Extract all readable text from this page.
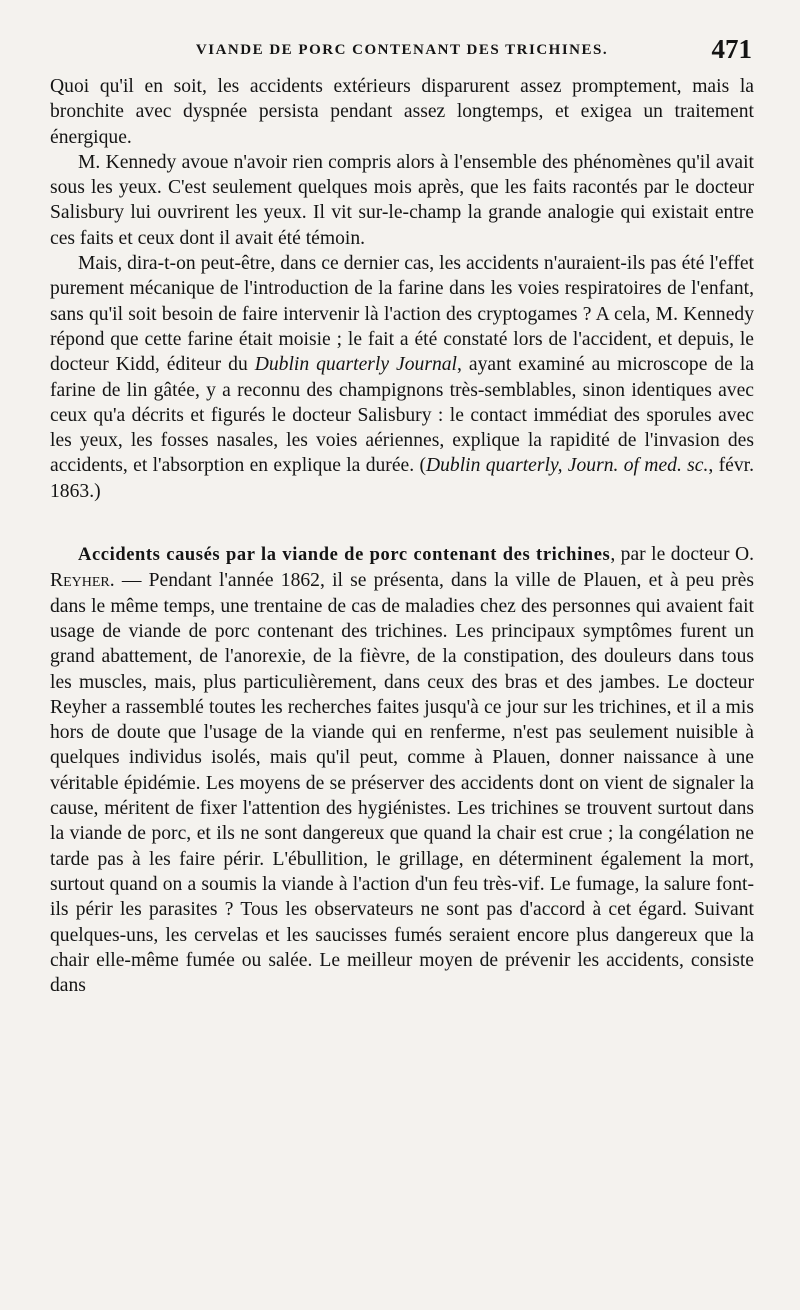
VIANDE DE PORC CONTENANT DES TRICHINES.	471

Quoi qu'il en soit, les accidents extérieurs disparurent assez promptement, mais la bronchite avec dyspnée persista pendant assez longtemps, et exigea un traitement énergique.

M. Kennedy avoue n'avoir rien compris alors à l'ensemble des phénomènes qu'il avait sous les yeux. C'est seulement quelques mois après, que les faits racontés par le docteur Salisbury lui ouvrirent les yeux. Il vit sur-le-champ la grande analogie qui existait entre ces faits et ceux dont il avait été témoin.

Mais, dira-t-on peut-être, dans ce dernier cas, les accidents n'auraient-ils pas été l'effet purement mécanique de l'introduction de la farine dans les voies respiratoires de l'enfant, sans qu'il soit besoin de faire intervenir là l'action des cryptogames ? A cela, M. Kennedy répond que cette farine était moisie ; le fait a été constaté lors de l'accident, et depuis, le docteur Kidd, éditeur du Dublin quarterly Journal, ayant examiné au microscope de la farine de lin gâtée, y a reconnu des champignons très-semblables, sinon identiques avec ceux qu'a décrits et figurés le docteur Salisbury : le contact immédiat des sporules avec les yeux, les fosses nasales, les voies aériennes, explique la rapidité de l'invasion des accidents, et l'absorption en explique la durée. (Dublin quarterly, Journ. of med. sc., févr. 1863.)

Accidents causés par la viande de porc contenant des trichines, par le docteur O. Reyher. — Pendant l'année 1862, il se présenta, dans la ville de Plauen, et à peu près dans le même temps, une trentaine de cas de maladies chez des personnes qui avaient fait usage de viande de porc contenant des trichines. Les principaux symptômes furent un grand abattement, de l'anorexie, de la fièvre, de la constipation, des douleurs dans tous les muscles, mais, plus particulièrement, dans ceux des bras et des jambes. Le docteur Reyher a rassemblé toutes les recherches faites jusqu'à ce jour sur les trichines, et il a mis hors de doute que l'usage de la viande qui en renferme, n'est pas seulement nuisible à quelques individus isolés, mais qu'il peut, comme à Plauen, donner naissance à une véritable épidémie. Les moyens de se préserver des accidents dont on vient de signaler la cause, méritent de fixer l'attention des hygiénistes. Les trichines se trouvent surtout dans la viande de porc, et ils ne sont dangereux que quand la chair est crue ; la congélation ne tarde pas à les faire périr. L'ébullition, le grillage, en déterminent également la mort, surtout quand on a soumis la viande à l'action d'un feu très-vif. Le fumage, la salure font-ils périr les parasites ? Tous les observateurs ne sont pas d'accord à cet égard. Suivant quelques-uns, les cervelas et les saucisses fumés seraient encore plus dangereux que la chair elle-même fumée ou salée. Le meilleur moyen de prévenir les accidents, consiste dans
